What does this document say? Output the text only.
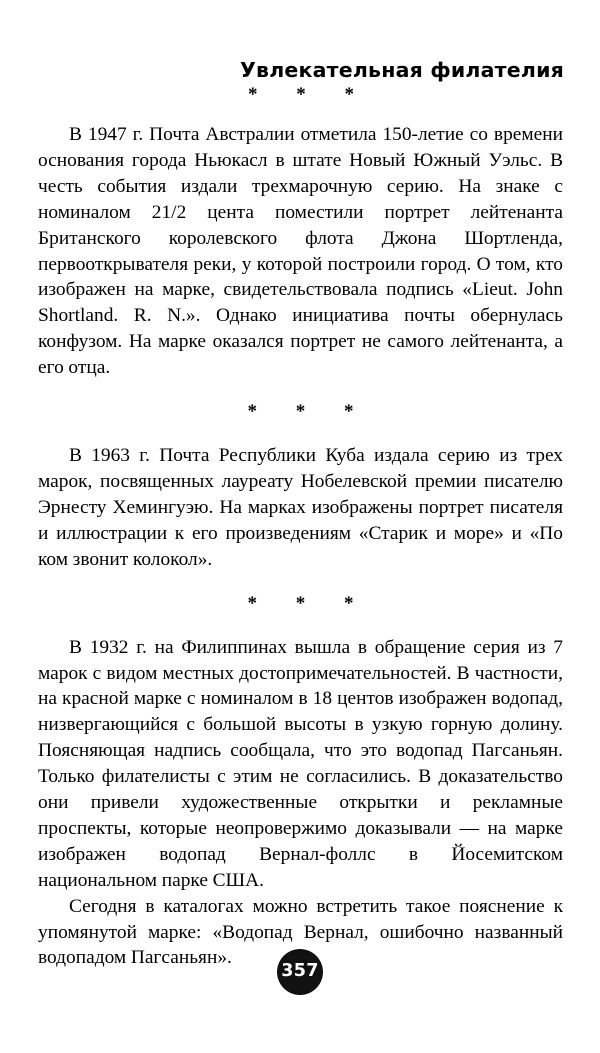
Увлекательная филателия
* * *

В 1947 г. Почта Австралии отметила 150-летие со времени основания города Ньюкасл в штате Новый Южный Уэльс. В честь события издали трехмарочную серию. На знаке с номиналом 21/2 цента поместили портрет лейтенанта Британского королевского флота Джона Шортленда, первооткрывателя реки, у которой построили город. О том, кто изображен на марке, свидетельствовала подпись «Lieut. John Shortland. R. N.». Однако инициатива почты обернулась конфузом. На марке оказался портрет не самого лейтенанта, а его отца.

* * *

В 1963 г. Почта Республики Куба издала серию из трех марок, посвященных лауреату Нобелевской премии писателю Эрнесту Хемингуэю. На марках изображены портрет писателя и иллюстрации к его произведениям «Старик и море» и «По ком звонит колокол».

* * *

В 1932 г. на Филиппинах вышла в обращение серия из 7 марок с видом местных достопримечательностей. В частности, на красной марке с номиналом в 18 центов изображен водопад, низвергающийся с большой высоты в узкую горную долину. Поясняющая надпись сообщала, что это водопад Пагсаньян. Только филателисты с этим не согласились. В доказательство они привели художественные открытки и рекламные проспекты, которые неопровержимо доказывали — на марке изображен водопад Вернал-фоллс в Йосемитском национальном парке США.

Сегодня в каталогах можно встретить такое пояснение к упомянутой марке: «Водопад Вернал, ошибочно названный водопадом Пагсаньян».

357
